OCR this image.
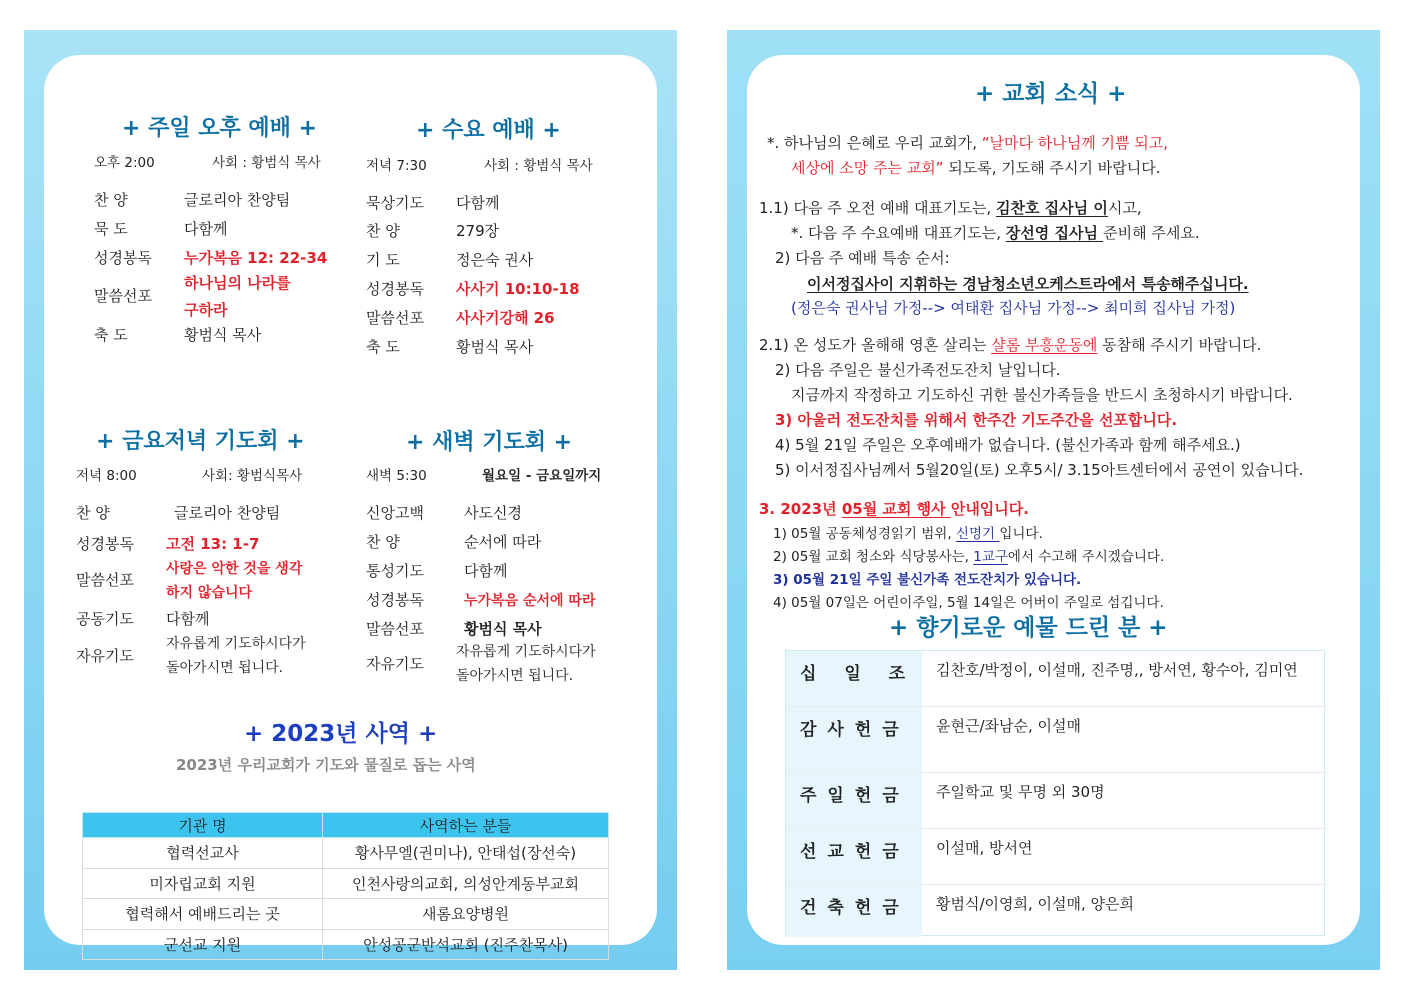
+ 주일 오후 예배 +
오후 2:00	사회 : 황범식 목사
찬 양	글로리아 찬양팀
묵 도	다함께
성경봉독 누가복음 12: 22-34
말씀선포
하나님의 나라를
구하라
축 도	황범식 목사
+ 수요 예배 +
저녁 7:30	사회 : 황범식 목사
묵상기도 다함께
찬 양	279장
기 도	정은숙 권사
성경봉독 사사기 10:10-18
말씀선포 사사기강해 26
축 도	황범식 목사
+ 금요저녁 기도회 +
저녁 8:00	사회: 황범식목사
찬 양	글로리아 찬양팀
성경봉독 고전 13: 1-7
말씀선포
사랑은 악한 것을 생각
하지 않습니다
공동기도 다함께
자유기도
자유롭게 기도하시다가
돌아가시면 됩니다.
+ 새벽 기도회 +
새벽 5:30	월요일 - 금요일까지
신앙고백	사도신경
찬 양	순서에 따라
통성기도	다함께
성경봉독	누가복음 순서에 따라
말씀선포	황범식 목사
자유기도
자유롭게 기도하시다가
돌아가시면 됩니다.
+ 2023년 사역 +
2023년 우리교회가 기도와 물질로 돕는 사역
기관 명	사역하는 분들
협력선교사	황사무엘(권미나), 안태섭(장선숙)
미자립교회 지원	인천사랑의교회, 의성안계동부교회
협력해서 예배드리는 곳	새롬요양병원
군선교 지원	안성공군반석교회 (진주찬목사)
+ 교회 소식 +
*. 하나님의 은혜로 우리 교회가, “날마다 하나님께 기쁨 되고,
세상에 소망 주는 교회” 되도록, 기도해 주시기 바랍니다.
1.1) 다음 주 오전 예배 대표기도는, 김찬호 집사님 이시고,
*. 다음 주 수요예배 대표기도는, 장선영 집사님 준비해 주세요.
2) 다음 주 예배 특송 순서:
이서정집사이 지휘하는 경남청소년오케스트라에서 특송해주십니다.
(정은숙 권사님 가정--> 여태환 집사님 가정--> 최미희 집사님 가정)
2.1) 온 성도가 올해해 영혼 살리는 샬롬 부흥운동에 동참해 주시기 바랍니다.
2) 다음 주일은 불신가족전도잔치 날입니다.
지금까지 작정하고 기도하신 귀한 불신가족들을 반드시 초청하시기 바랍니다.
3) 아울러 전도잔치를 위해서 한주간 기도주간을 선포합니다.
4) 5월 21일 주일은 오후예배가 없습니다. (불신가족과 함께 해주세요.)
5) 이서정집사님께서 5월20일(토) 오후5시/ 3.15아트센터에서 공연이 있습니다.
3. 2023년 05월 교회 행사 안내입니다.
1) 05월 공동체성경읽기 범위, 신명기 입니다.
2) 05월 교회 청소와 식당봉사는, 1교구에서 수고해 주시겠습니다.
3) 05월 21일 주일 불신가족 전도잔치가 있습니다.
4) 05월 07일은 어린이주일, 5월 14일은 어버이 주일로 섬깁니다.
+ 향기로운 예물 드린 분 +
십 일 조	김찬호/박정이, 이설매, 진주명,, 방서연, 황수아, 김미연
감사헌금	윤현근/좌남순, 이설매
주일헌금	주일학교 및 무명 외 30명
선교헌금	이설매, 방서연
건축헌금	황범식/이영희, 이설매, 양은희
